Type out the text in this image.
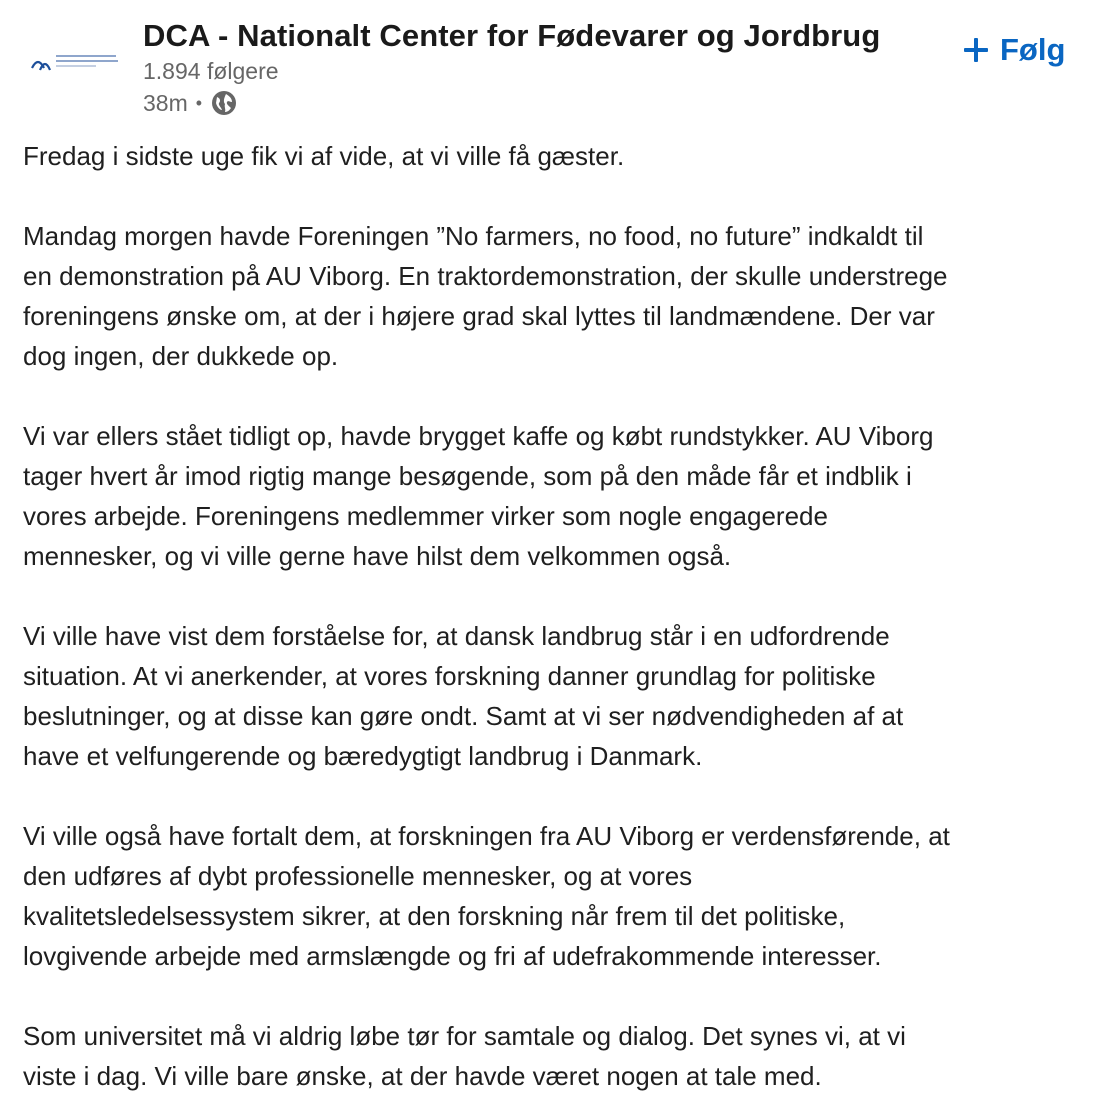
DCA - Nationalt Center for Fødevarer og Jordbrug
1.894 følgere
38m •
Følg

Fredag i sidste uge fik vi af vide, at vi ville få gæster.

Mandag morgen havde Foreningen ”No farmers, no food, no future” indkaldt til
en demonstration på AU Viborg. En traktordemonstration, der skulle understrege
foreningens ønske om, at der i højere grad skal lyttes til landmændene. Der var
dog ingen, der dukkede op.

Vi var ellers stået tidligt op, havde brygget kaffe og købt rundstykker. AU Viborg
tager hvert år imod rigtig mange besøgende, som på den måde får et indblik i
vores arbejde. Foreningens medlemmer virker som nogle engagerede
mennesker, og vi ville gerne have hilst dem velkommen også.

Vi ville have vist dem forståelse for, at dansk landbrug står i en udfordrende
situation. At vi anerkender, at vores forskning danner grundlag for politiske
beslutninger, og at disse kan gøre ondt. Samt at vi ser nødvendigheden af at
have et velfungerende og bæredygtigt landbrug i Danmark.

Vi ville også have fortalt dem, at forskningen fra AU Viborg er verdensførende, at
den udføres af dybt professionelle mennesker, og at vores
kvalitetsledelsessystem sikrer, at den forskning når frem til det politiske,
lovgivende arbejde med armslængde og fri af udefrakommende interesser.

Som universitet må vi aldrig løbe tør for samtale og dialog. Det synes vi, at vi
viste i dag. Vi ville bare ønske, at der havde været nogen at tale med.
